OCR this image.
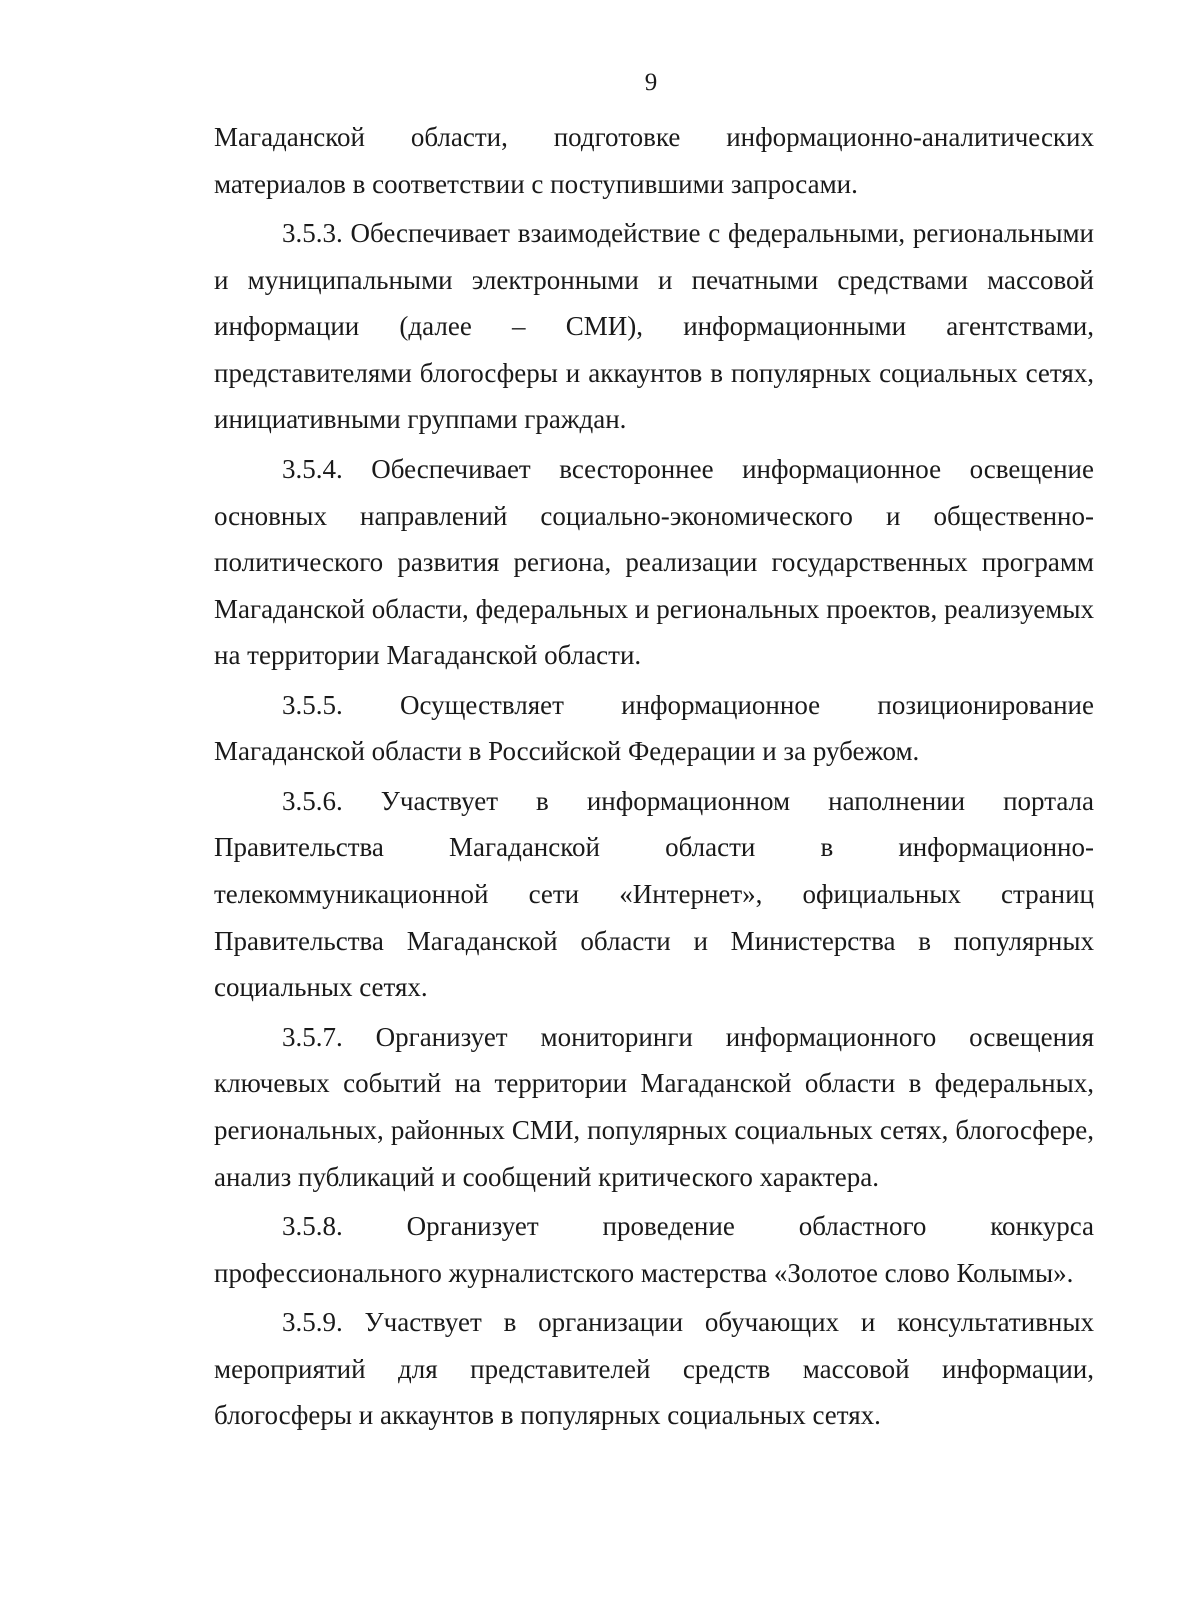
9

Магаданской области, подготовке информационно-аналитических материалов в соответствии с поступившими запросами.

3.5.3. Обеспечивает взаимодействие с федеральными, региональными и муниципальными электронными и печатными средствами массовой информации (далее – СМИ), информационными агентствами, представителями блогосферы и аккаунтов в популярных социальных сетях, инициативными группами граждан.

3.5.4. Обеспечивает всестороннее информационное освещение основных направлений социально-экономического и общественно-политического развития региона, реализации государственных программ Магаданской области, федеральных и региональных проектов, реализуемых на территории Магаданской области.

3.5.5. Осуществляет информационное позиционирование Магаданской области в Российской Федерации и за рубежом.

3.5.6. Участвует в информационном наполнении портала Правительства Магаданской области в информационно-телекоммуникационной сети «Интернет», официальных страниц Правительства Магаданской области и Министерства в популярных социальных сетях.

3.5.7. Организует мониторинги информационного освещения ключевых событий на территории Магаданской области в федеральных, региональных, районных СМИ, популярных социальных сетях, блогосфере, анализ публикаций и сообщений критического характера.

3.5.8. Организует проведение областного конкурса профессионального журналистского мастерства «Золотое слово Колымы».

3.5.9. Участвует в организации обучающих и консультативных мероприятий для представителей средств массовой информации, блогосферы и аккаунтов в популярных социальных сетях.
